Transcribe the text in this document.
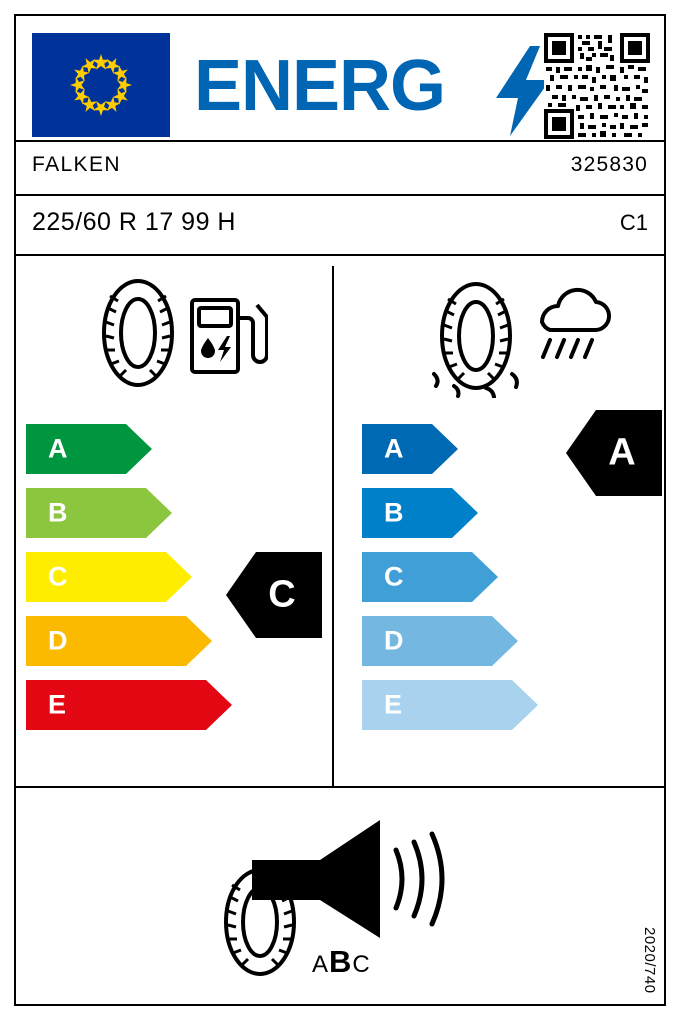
ENERG
FALKEN	325830
225/60 R 17 99 H	C1
A
B
C
D
E
A
B
C
D
E
C
A
70 dB
ABC	2020/740
